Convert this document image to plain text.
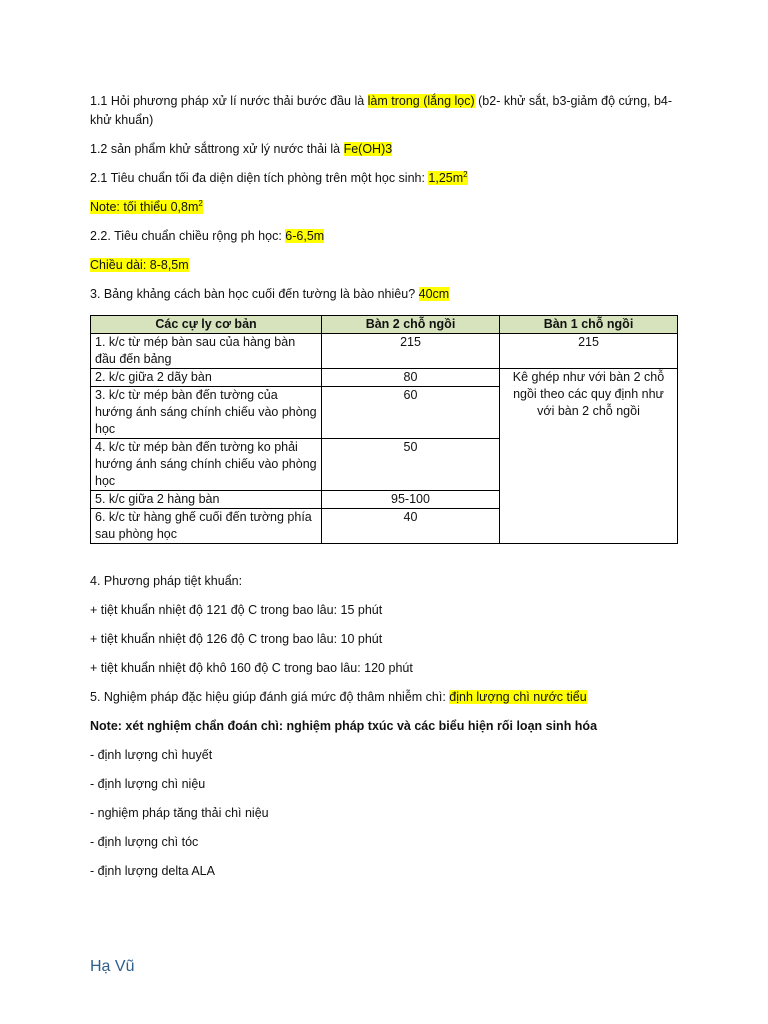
1.1 Hỏi phương pháp xử lí nước thải bước đầu là làm trong (lắng lọc) (b2- khử sắt, b3-giảm độ cứng, b4-khử khuẩn)

1.2 sản phẩm khử sắttrong xử lý nước thải là Fe(OH)3

2.1 Tiêu chuẩn tối đa diện diện tích phòng trên một học sinh: $1,25m^2$

Note: tối thiểu $0,8m^2$

2.2. Tiêu chuẩn chiều rộng ph học: 6-6,5m

Chiều dài: 8-8,5m

3. Bảng khảng cách bàn học cuối đến tường là bào nhiêu? 40cm

Các cự ly cơ bản	Bàn 2 chỗ ngồi	Bàn 1 chỗ ngồi
1. k/c từ mép bàn sau của hàng bàn đầu đến bảng	215	215
2. k/c giữa 2 dãy bàn	80	Kê ghép như với bàn 2 chỗ ngồi theo các quy định như với bàn 2 chỗ ngồi
3. k/c từ mép bàn đến tường của hướng ánh sáng chính chiếu vào phòng học	60	
4. k/c từ mép bàn đến tường ko phải hướng ánh sáng chính chiếu vào phòng học	50	
5. k/c giữa 2 hàng bàn	95-100	
6. k/c từ hàng ghế cuối đến tường phía sau phòng học	40	

4. Phương pháp tiệt khuẩn:

+ tiệt khuẩn nhiệt độ 121 độ C trong bao lâu: 15 phút

+ tiệt khuẩn nhiệt độ 126 độ C trong bao lâu: 10 phút

+ tiệt khuẩn nhiệt độ khô 160 độ C trong bao lâu: 120 phút

5. Nghiệm pháp đặc hiệu giúp đánh giá mức độ thâm nhiễm chì: định lượng chì nước tiểu

Note: xét nghiệm chẩn đoán chì: nghiệm pháp txúc và các biểu hiện rối loạn sinh hóa

- định lượng chì huyết

- định lượng chì niệu

- nghiệm pháp tăng thải chì niệu

- định lượng chì tóc

- định lượng delta ALA

Hạ Vũ
